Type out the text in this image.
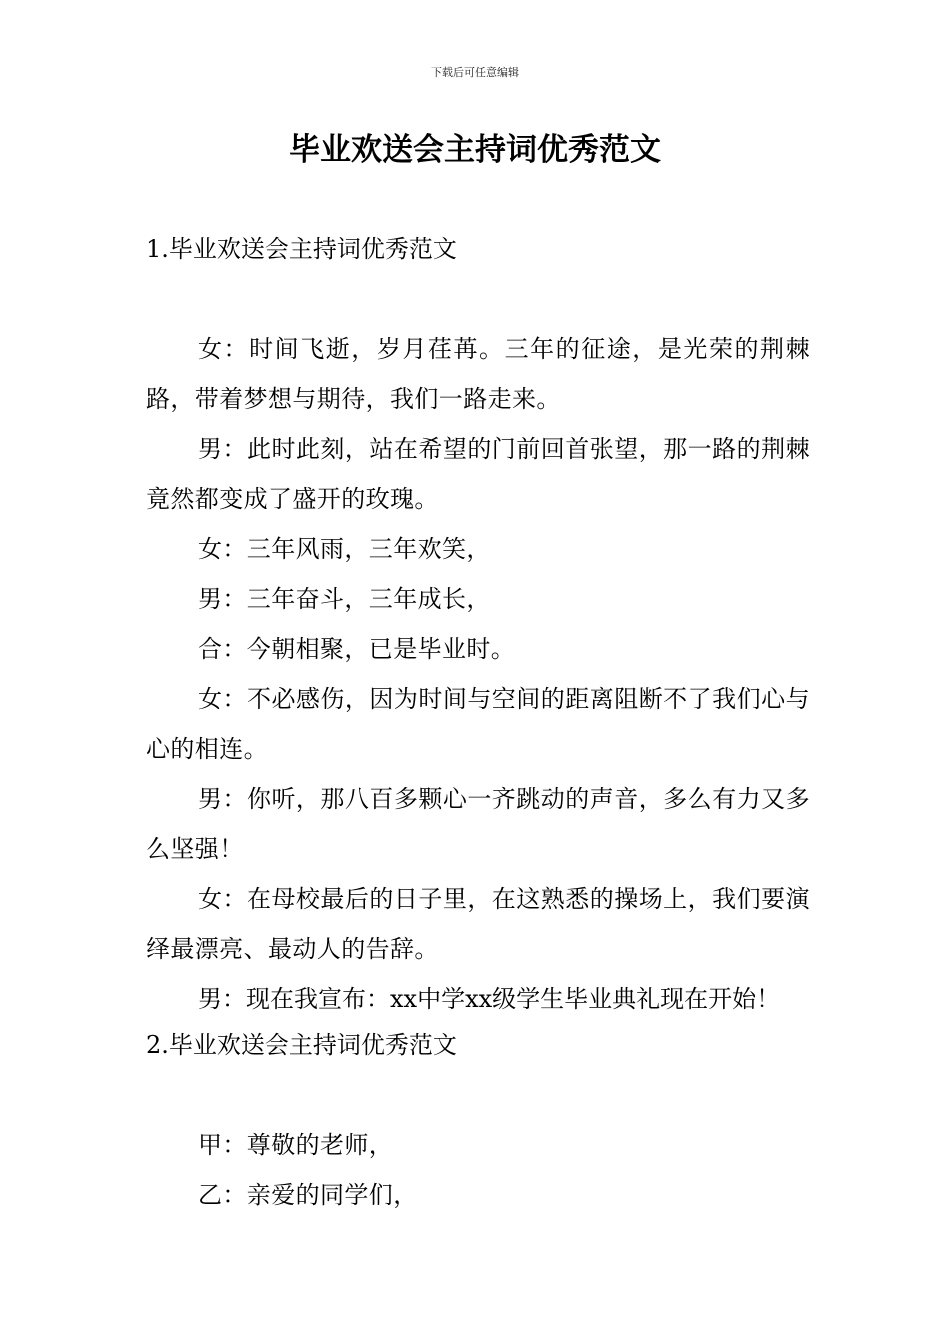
下载后可任意编辑
毕业欢送会主持词优秀范文
1.毕业欢送会主持词优秀范文

女：时间飞逝，岁月荏苒。三年的征途，是光荣的荆棘路，带着梦想与期待，我们一路走来。

男：此时此刻，站在希望的门前回首张望，那一路的荆棘竟然都变成了盛开的玫瑰。

女：三年风雨，三年欢笑，

男：三年奋斗，三年成长，

合：今朝相聚，已是毕业时。

女：不必感伤，因为时间与空间的距离阻断不了我们心与心的相连。

男：你听，那八百多颗心一齐跳动的声音，多么有力又多么坚强！

女：在母校最后的日子里，在这熟悉的操场上，我们要演绎最漂亮、最动人的告辞。

男：现在我宣布：xx中学xx级学生毕业典礼现在开始！

2.毕业欢送会主持词优秀范文

甲：尊敬的老师，

乙：亲爱的同学们，
